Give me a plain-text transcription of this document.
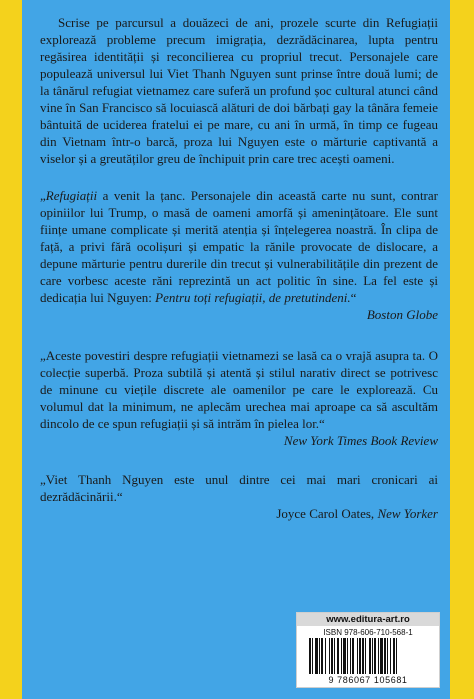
Scrise pe parcursul a douăzeci de ani, prozele scurte din Refugiații explorează probleme precum imigrația, dezrădăcinarea, lupta pentru regăsirea identității și reconcilierea cu propriul trecut. Personajele care populează universul lui Viet Thanh Nguyen sunt prinse între două lumi; de la tânărul refugiat vietnamez care suferă un profund șoc cultural atunci când vine în San Francisco să locuiască alături de doi bărbați gay la tânăra femeie bântuită de uciderea fratelui ei pe mare, cu ani în urmă, în timp ce fugeau din Vietnam într-o barcă, proza lui Nguyen este o mărturie captivantă a viselor și a greutăților greu de închipuit prin care trec acești oameni.

„Refugiații a venit la țanc. Personajele din această carte nu sunt, contrar opiniilor lui Trump, o masă de oameni amorfă și amenințătoare. Ele sunt ființe umane complicate și merită atenția și înțelegerea noastră. În clipa de față, a privi fără ocolișuri și empatic la rănile provocate de dislocare, a depune mărturie pentru durerile din trecut și vulnerabilitățile din prezent de care vorbesc aceste răni reprezintă un act politic în sine. La fel este și dedicația lui Nguyen: Pentru toți refugiații, de pretutindeni.“

Boston Globe

„Aceste povestiri despre refugiații vietnamezi se lasă ca o vrajă asupra ta. O colecție superbă. Proza subtilă și atentă și stilul narativ direct se potrivesc de minune cu viețile discrete ale oamenilor pe care le explorează. Cu volumul dat la minimum, ne aplecăm urechea mai aproape ca să ascultăm dincolo de ce spun refugiații și să intrăm în pielea lor.“

New York Times Book Review

„Viet Thanh Nguyen este unul dintre cei mai mari cronicari ai dezrădăcinării.“

Joyce Carol Oates, New Yorker

www.editura-art.ro
ISBN 978-606-710-568-1
9 786067 105681
